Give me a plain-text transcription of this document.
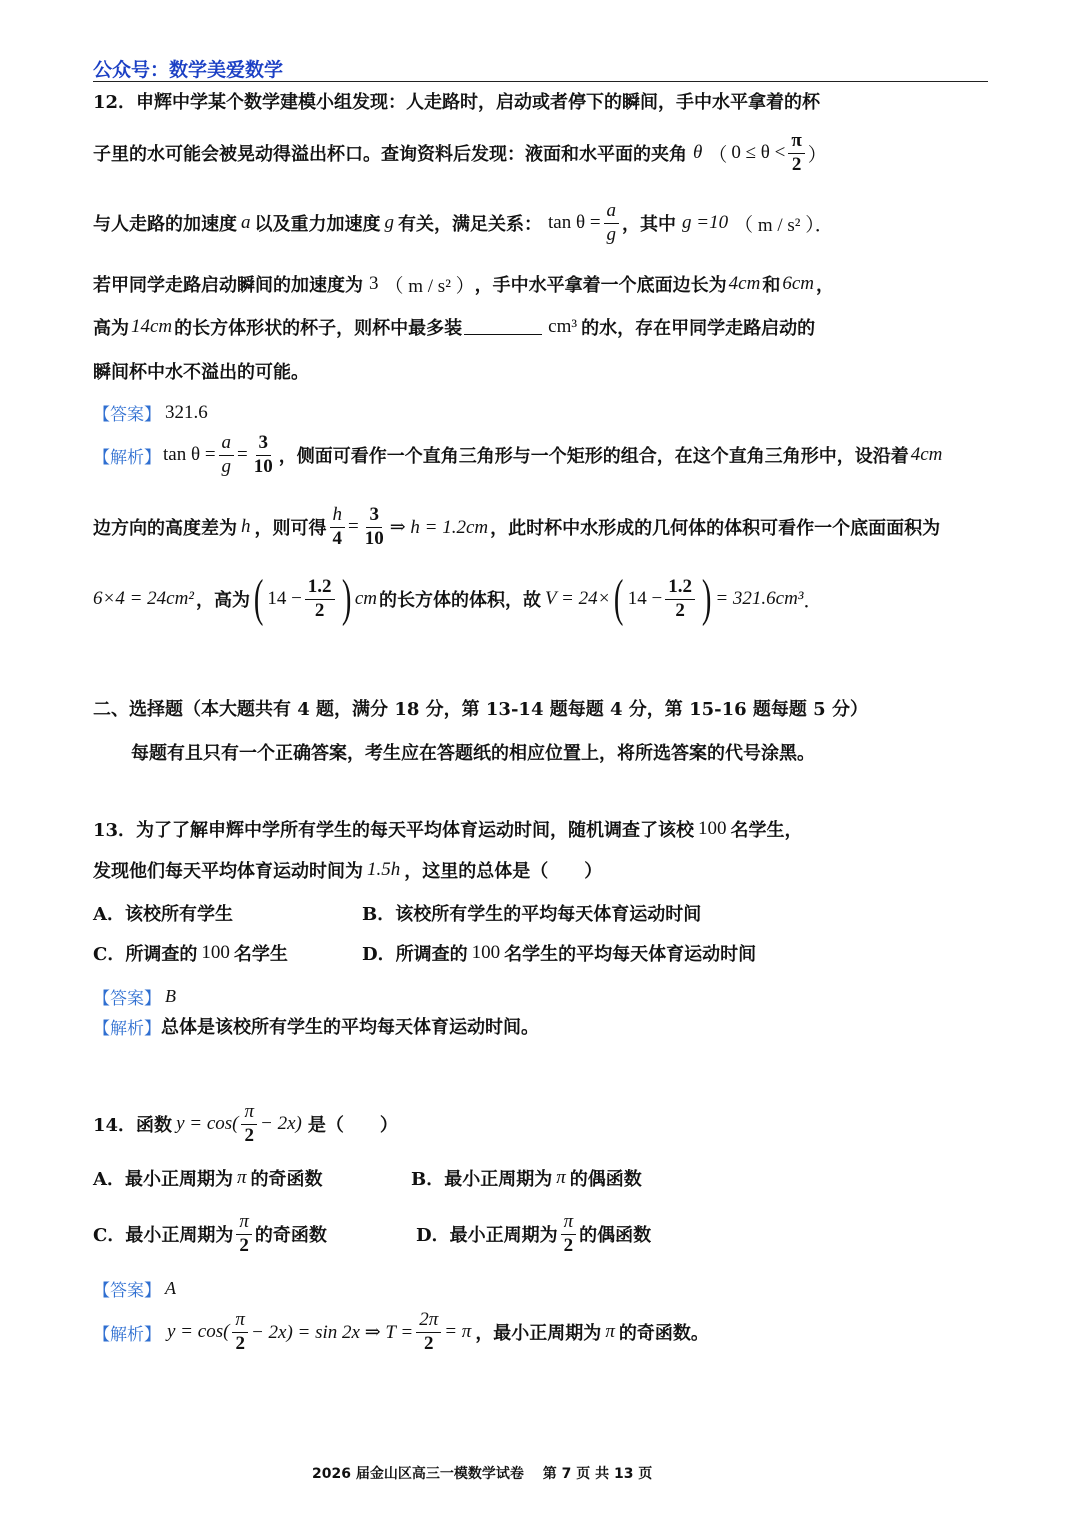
公众号：数学美爱数学
12．申辉中学某个数学建模小组发现：人走路时，启动或者停下的瞬间，手中水平拿着的杯
子里的水可能会被晃动得溢出杯口。查询资料后发现：液面和水平面的夹角 θ （ $0 \le \theta < \frac{\pi}{2}$ ）
与人走路的加速度 a 以及重力加速度 g 有关，满足关系： $\tan \theta = \frac{a}{g}$ ，其中 g =10 （ m / s² ）．
若甲同学走路启动瞬间的加速度为 3 （ m / s² ） ，手中水平拿着一个底面边长为 4cm 和 6cm ，
高为 14cm 的长方体形状的杯子，则杯中最多装	cm³ 的水，存在甲同学走路启动的
瞬间杯中水不溢出的可能。
【答案】 321.6
【解析】 $\tan \theta = \frac{a}{g} = \frac{3}{10}$ ，侧面可看作一个直角三角形与一个矩形的组合，在这个直角三角形中，设沿着 4cm
边方向的高度差为 h ，则可得 $\frac{h}{4} = \frac{3}{10}$ ⇒ h = 1.2cm ，此时杯中水形成的几何体的体积可看作一个底面面积为
6×4 = 24cm² ，高为 ( $14 - \frac{1.2}{2}$ ) cm 的长方体的体积，故 V = 24× ( $14 - \frac{1.2}{2}$ ) = 321.6cm³ ．
二、选择题（本大题共有 4 题，满分 18 分，第 13-14 题每题 4 分，第 15-16 题每题 5 分）
每题有且只有一个正确答案，考生应在答题纸的相应位置上，将所选答案的代号涂黑。
13．为了了解申辉中学所有学生的每天平均体育运动时间，随机调查了该校 100 名学生，
发现他们每天平均体育运动时间为 1.5h ，这里的总体是（　　）
A．该校所有学生	B．该校所有学生的平均每天体育运动时间
C．所调查的 100 名学生	D．所调查的 100 名学生的平均每天体育运动时间
【答案】 B
【解析】 总体是该校所有学生的平均每天体育运动时间。
14．函数 $y = \cos( \frac{\pi}{2} - 2x)$ 是（　　）
A．最小正周期为 π 的奇函数	B．最小正周期为 π 的偶函数
C．最小正周期为 $\frac{\pi}{2}$ 的奇函数	D．最小正周期为 $\frac{\pi}{2}$ 的偶函数
【答案】 A
【解析】 $y = \cos( \frac{\pi}{2} - 2x) = \sin 2x$ ⇒ $T = \frac{2\pi}{2} = \pi$ ，最小正周期为 π 的奇函数。
2026 届金山区高三一模数学试卷　 第 7 页 共 13 页
